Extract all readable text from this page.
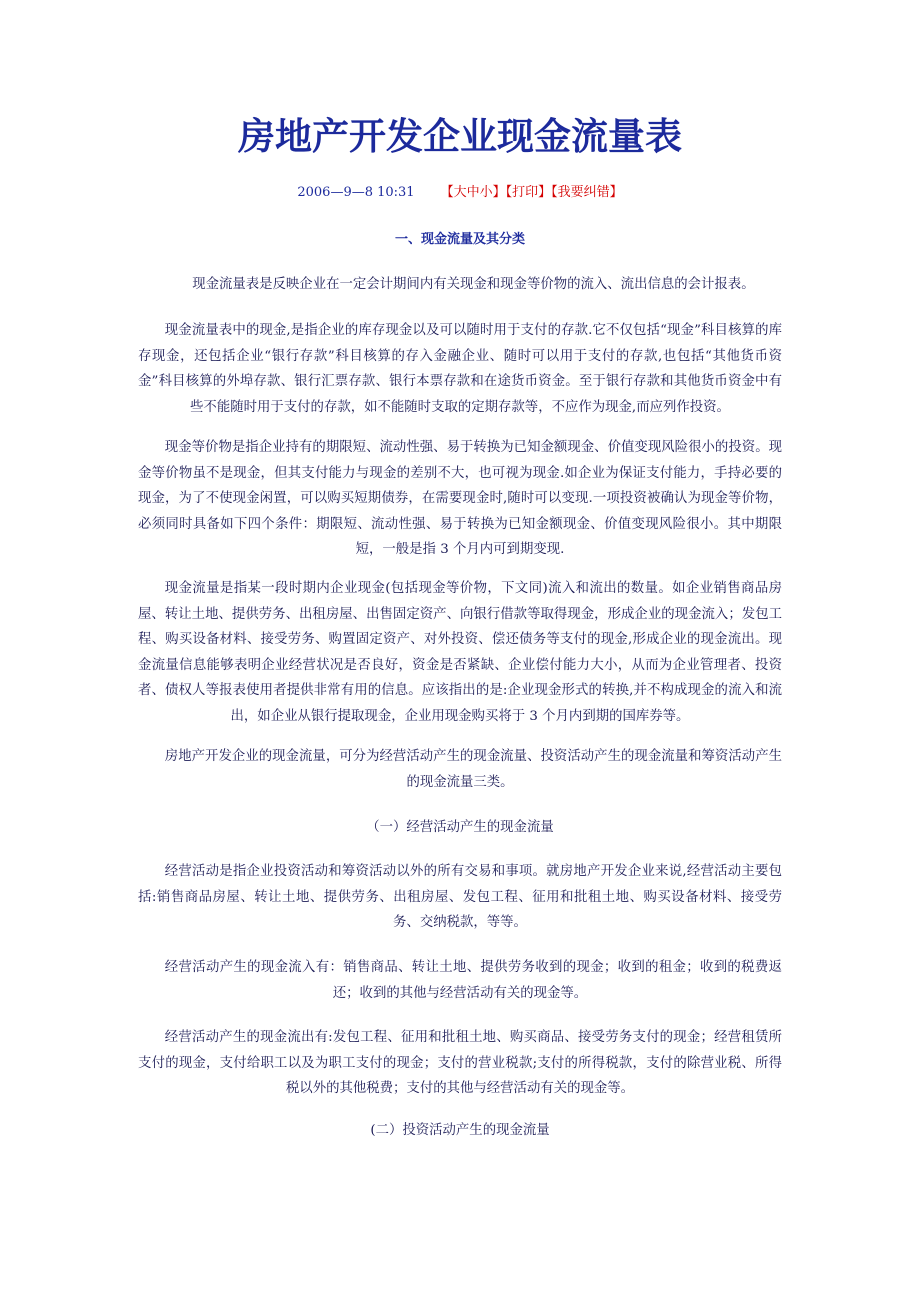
房地产开发企业现金流量表
2006—9—8 10:31 【大中小】【打印】【我要纠错】
一、现金流量及其分类

现金流量表是反映企业在一定会计期间内有关现金和现金等价物的流入、流出信息的会计报表。

现金流量表中的现金,是指企业的库存现金以及可以随时用于支付的存款.它不仅包括“现金”科目核算的库存现金，还包括企业“银行存款”科目核算的存入金融企业、随时可以用于支付的存款,也包括“其他货币资金”科目核算的外埠存款、银行汇票存款、银行本票存款和在途货币资金。至于银行存款和其他货币资金中有些不能随时用于支付的存款，如不能随时支取的定期存款等，不应作为现金,而应列作投资。

现金等价物是指企业持有的期限短、流动性强、易于转换为已知金额现金、价值变现风险很小的投资。现金等价物虽不是现金，但其支付能力与现金的差别不大，也可视为现金.如企业为保证支付能力，手持必要的现金，为了不使现金闲置，可以购买短期债券，在需要现金时,随时可以变现.一项投资被确认为现金等价物，必须同时具备如下四个条件：期限短、流动性强、易于转换为已知金额现金、价值变现风险很小。其中期限短，一般是指 3 个月内可到期变现.

现金流量是指某一段时期内企业现金(包括现金等价物，下文同)流入和流出的数量。如企业销售商品房屋、转让土地、提供劳务、出租房屋、出售固定资产、向银行借款等取得现金，形成企业的现金流入；发包工程、购买设备材料、接受劳务、购置固定资产、对外投资、偿还债务等支付的现金,形成企业的现金流出。现金流量信息能够表明企业经营状况是否良好，资金是否紧缺、企业偿付能力大小，从而为企业管理者、投资者、债权人等报表使用者提供非常有用的信息。应该指出的是:企业现金形式的转换,并不构成现金的流入和流出，如企业从银行提取现金，企业用现金购买将于 3 个月内到期的国库券等。

房地产开发企业的现金流量，可分为经营活动产生的现金流量、投资活动产生的现金流量和筹资活动产生的现金流量三类。

（一）经营活动产生的现金流量

经营活动是指企业投资活动和筹资活动以外的所有交易和事项。就房地产开发企业来说,经营活动主要包括:销售商品房屋、转让土地、提供劳务、出租房屋、发包工程、征用和批租土地、购买设备材料、接受劳务、交纳税款，等等。

经营活动产生的现金流入有：销售商品、转让土地、提供劳务收到的现金；收到的租金；收到的税费返还；收到的其他与经营活动有关的现金等。

经营活动产生的现金流出有:发包工程、征用和批租土地、购买商品、接受劳务支付的现金；经营租赁所支付的现金，支付给职工以及为职工支付的现金；支付的营业税款;支付的所得税款，支付的除营业税、所得税以外的其他税费；支付的其他与经营活动有关的现金等。

(二）投资活动产生的现金流量
